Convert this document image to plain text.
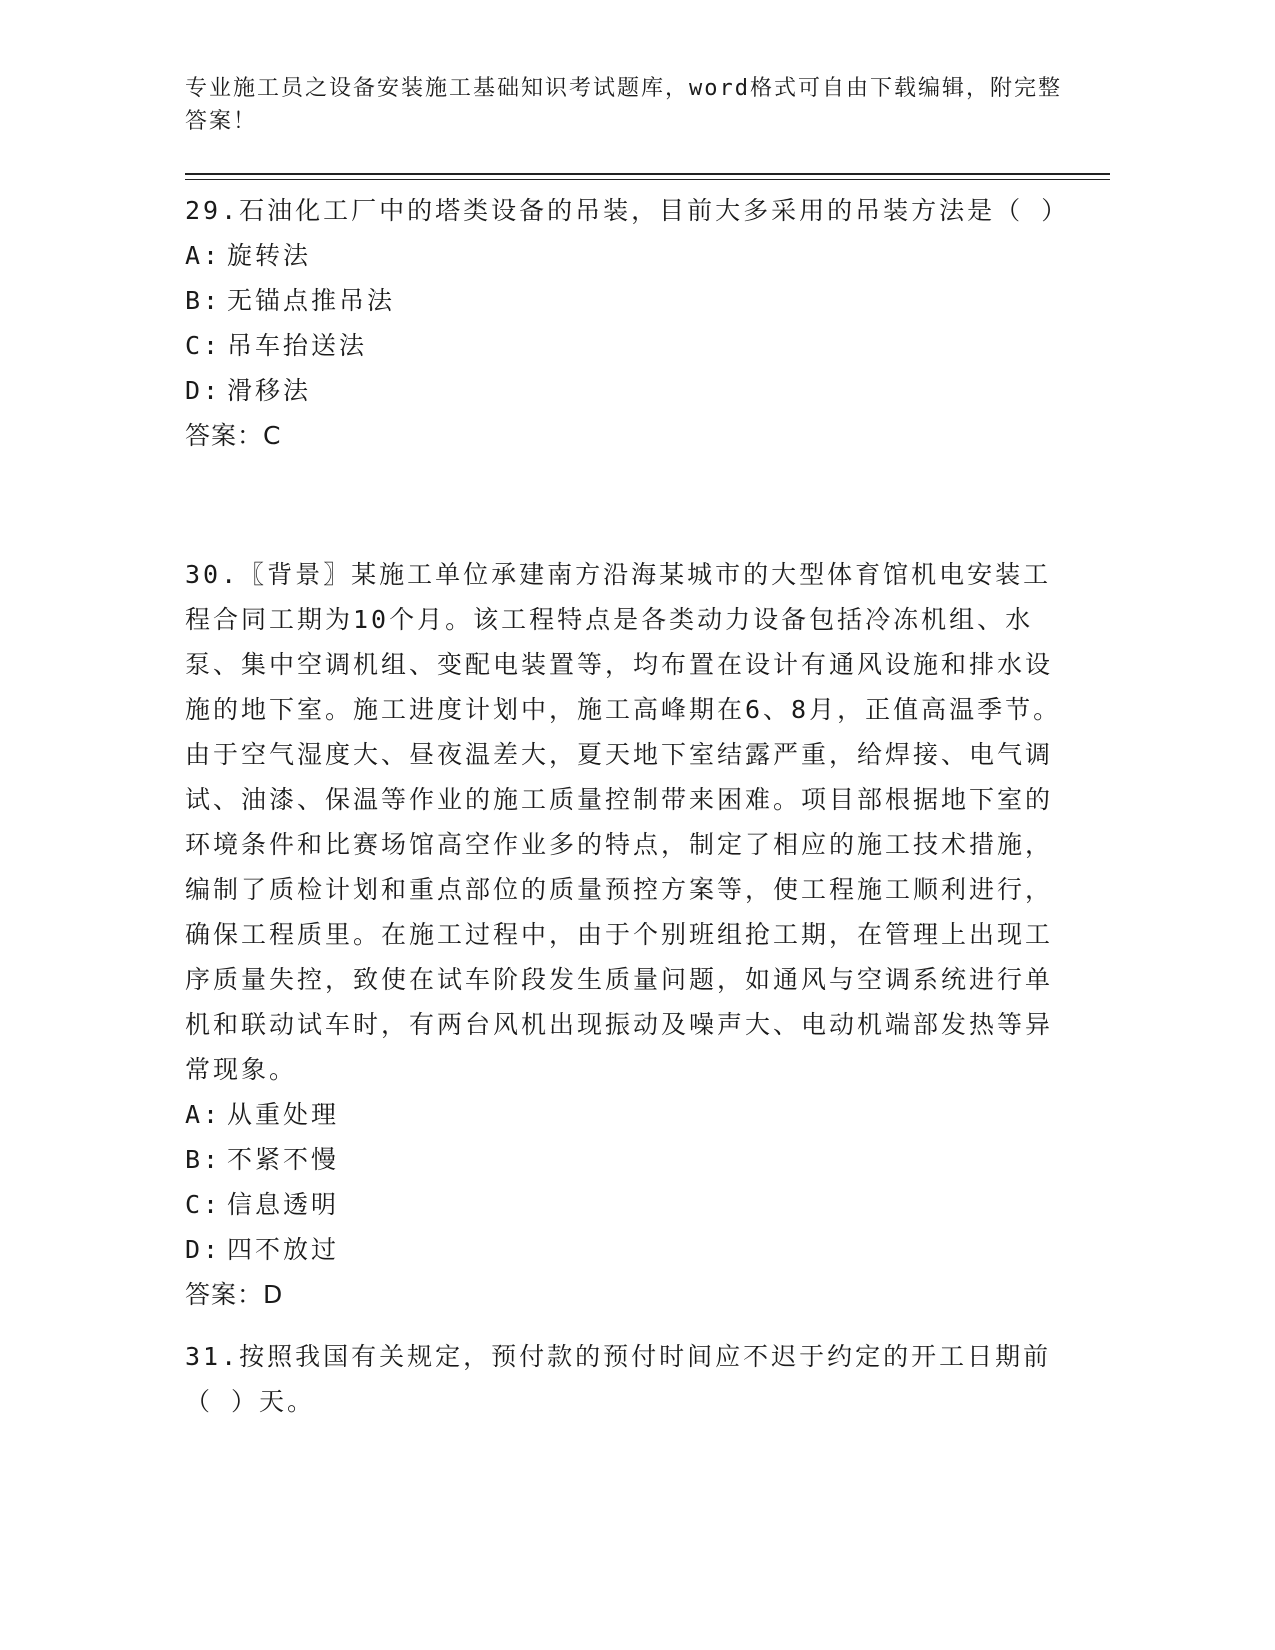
专业施工员之设备安装施工基础知识考试题库，word格式可自由下载编辑，附完整答案！

29.石油化工厂中的塔类设备的吊装，目前大多采用的吊装方法是（ ）

A: 旋转法

B: 无锚点推吊法

C: 吊车抬送法

D: 滑移法

答案：C

30.〖背景〗某施工单位承建南方沿海某城市的大型体育馆机电安装工程合同工期为10个月。该工程特点是各类动力设备包括冷冻机组、水泵、集中空调机组、变配电装置等，均布置在设计有通风设施和排水设施的地下室。施工进度计划中，施工高峰期在6、8月，正值高温季节。由于空气湿度大、昼夜温差大，夏天地下室结露严重，给焊接、电气调试、油漆、保温等作业的施工质量控制带来困难。项目部根据地下室的环境条件和比赛场馆高空作业多的特点，制定了相应的施工技术措施，编制了质检计划和重点部位的质量预控方案等，使工程施工顺利进行，确保工程质里。在施工过程中，由于个别班组抢工期，在管理上出现工序质量失控，致使在试车阶段发生质量问题，如通风与空调系统进行单机和联动试车时，有两台风机出现振动及噪声大、电动机端部发热等异常现象。

A: 从重处理

B: 不紧不慢

C: 信息透明

D: 四不放过

答案：D

31.按照我国有关规定，预付款的预付时间应不迟于约定的开工日期前（ ）天。
